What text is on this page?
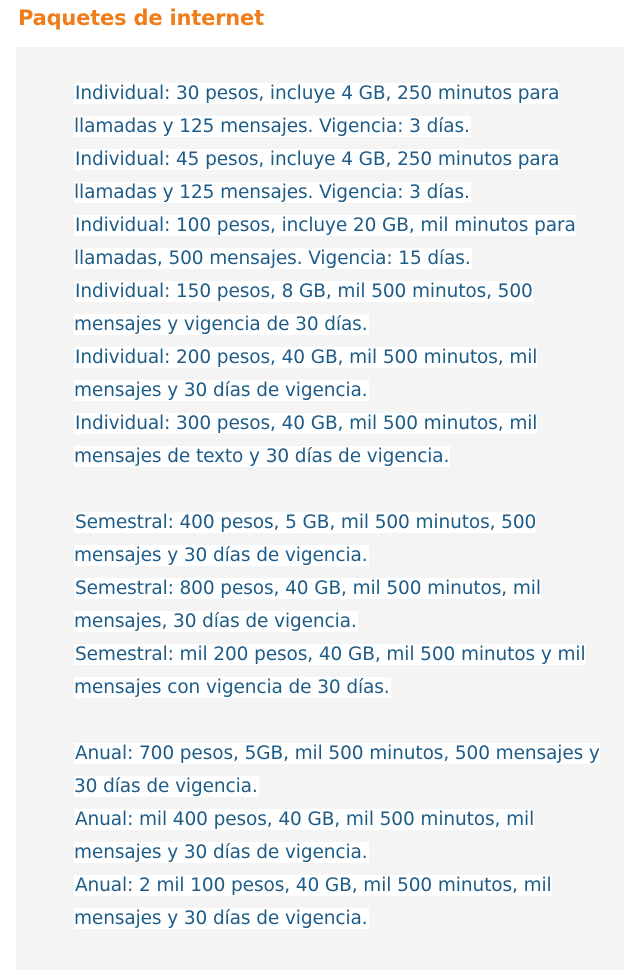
Paquetes de internet

Individual: 30 pesos, incluye 4 GB, 250 minutos para llamadas y 125 mensajes. Vigencia: 3 días.

Individual: 45 pesos, incluye 4 GB, 250 minutos para llamadas y 125 mensajes. Vigencia: 3 días.

Individual: 100 pesos, incluye 20 GB, mil minutos para llamadas, 500 mensajes. Vigencia: 15 días.

Individual: 150 pesos, 8 GB, mil 500 minutos, 500 mensajes y vigencia de 30 días.

Individual: 200 pesos, 40 GB, mil 500 minutos, mil mensajes y 30 días de vigencia.

Individual: 300 pesos, 40 GB, mil 500 minutos, mil mensajes de texto y 30 días de vigencia.

Semestral: 400 pesos, 5 GB, mil 500 minutos, 500 mensajes y 30 días de vigencia.

Semestral: 800 pesos, 40 GB, mil 500 minutos, mil mensajes, 30 días de vigencia.

Semestral: mil 200 pesos, 40 GB, mil 500 minutos y mil mensajes con vigencia de 30 días.

Anual: 700 pesos, 5GB, mil 500 minutos, 500 mensajes y 30 días de vigencia.

Anual: mil 400 pesos, 40 GB, mil 500 minutos, mil mensajes y 30 días de vigencia.

Anual: 2 mil 100 pesos, 40 GB, mil 500 minutos, mil mensajes y 30 días de vigencia.
